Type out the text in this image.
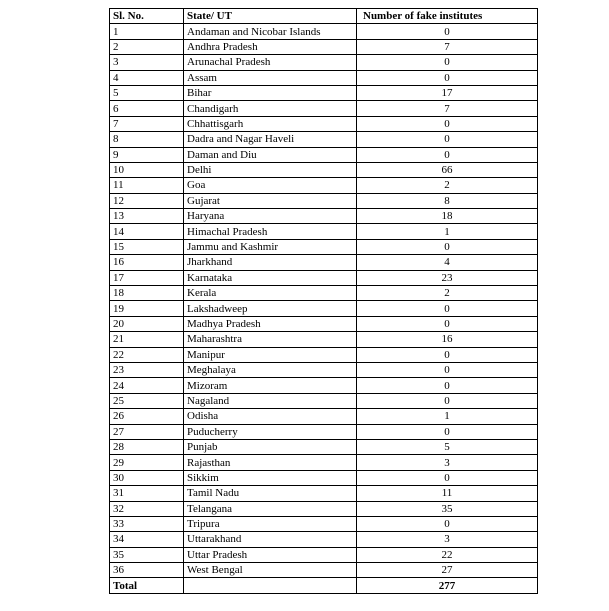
Sl. No.	State/ UT	Number of fake institutes
1	Andaman and Nicobar Islands	0
2	Andhra Pradesh	7
3	Arunachal Pradesh	0
4	Assam	0
5	Bihar	17
6	Chandigarh	7
7	Chhattisgarh	0
8	Dadra and Nagar Haveli	0
9	Daman and Diu	0
10	Delhi	66
11	Goa	2
12	Gujarat	8
13	Haryana	18
14	Himachal Pradesh	1
15	Jammu and Kashmir	0
16	Jharkhand	4
17	Karnataka	23
18	Kerala	2
19	Lakshadweep	0
20	Madhya Pradesh	0
21	Maharashtra	16
22	Manipur	0
23	Meghalaya	0
24	Mizoram	0
25	Nagaland	0
26	Odisha	1
27	Puducherry	0
28	Punjab	5
29	Rajasthan	3
30	Sikkim	0
31	Tamil Nadu	11
32	Telangana	35
33	Tripura	0
34	Uttarakhand	3
35	Uttar Pradesh	22
36	West Bengal	27
Total		277
